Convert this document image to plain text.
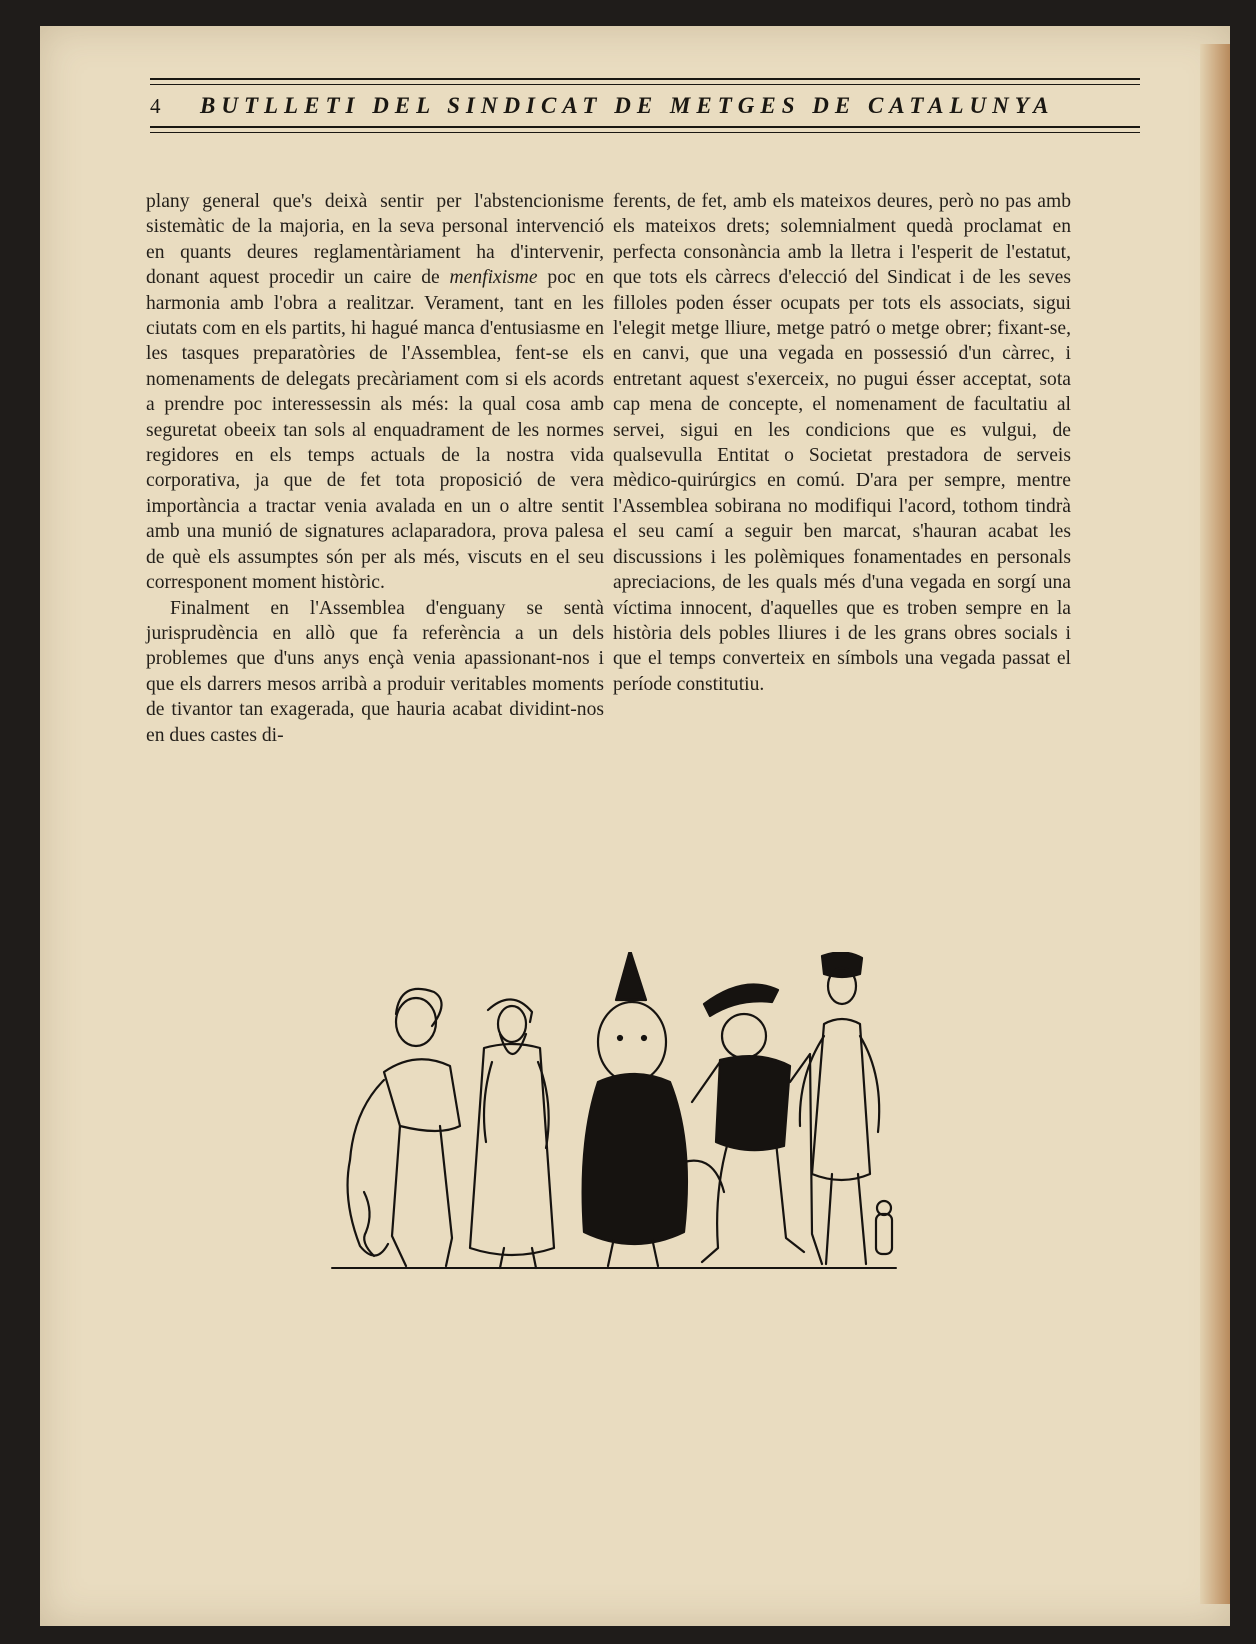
4	BUTLLETI DEL SINDICAT DE METGES DE CATALUNYA

plany general que's deixà sentir per l'abstencionisme sistemàtic de la majoria, en la seva personal intervenció en quants deures reglamentàriament ha d'intervenir, donant aquest procedir un caire de menfixisme poc en harmonia amb l'obra a realitzar. Verament, tant en les ciutats com en els partits, hi hagué manca d'entusiasme en les tasques preparatòries de l'Assemblea, fent-se els nomenaments de delegats precàriament com si els acords a prendre poc interessessin als més: la qual cosa amb seguretat obeeix tan sols al enquadrament de les normes regidores en els temps actuals de la nostra vida corporativa, ja que de fet tota proposició de vera importància a tractar venia avalada en un o altre sentit amb una munió de signatures aclaparadora, prova palesa de què els assumptes són per als més, viscuts en el seu corresponent moment històric.

Finalment en l'Assemblea d'enguany se sentà jurisprudència en allò que fa referència a un dels problemes que d'uns anys ençà venia apassionant-nos i que els darrers mesos arribà a produir veritables moments de tivantor tan exagerada, que hauria acabat dividint-nos en dues castes di-

ferents, de fet, amb els mateixos deures, però no pas amb els mateixos drets; solemnialment quedà proclamat en perfecta consonància amb la lletra i l'esperit de l'estatut, que tots els càrrecs d'elecció del Sindicat i de les seves filloles poden ésser ocupats per tots els associats, sigui l'elegit metge lliure, metge patró o metge obrer; fixant-se, en canvi, que una vegada en possessió d'un càrrec, i entretant aquest s'exerceix, no pugui ésser acceptat, sota cap mena de concepte, el nomenament de facultatiu al servei, sigui en les condicions que es vulgui, de qualsevulla Entitat o Societat prestadora de serveis mèdico-quirúrgics en comú. D'ara per sempre, mentre l'Assemblea sobirana no modifiqui l'acord, tothom tindrà el seu camí a seguir ben marcat, s'hauran acabat les discussions i les polèmiques fonamentades en personals apreciacions, de les quals més d'una vegada en sorgí una víctima innocent, d'aquelles que es troben sempre en la història dels pobles lliures i de les grans obres socials i que el temps converteix en símbols una vegada passat el període constitutiu.
